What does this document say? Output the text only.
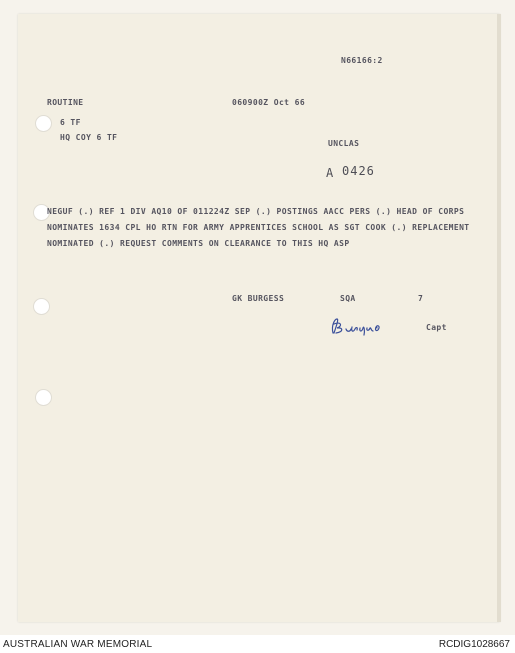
N66166:2
ROUTINE	060900Z Oct 66
6 TF
HQ COY 6 TF
UNCLAS
A 0426
NEGUF (.) REF 1 DIV AQ10 OF 011224Z SEP (.) POSTINGS AACC PERS (.) HEAD OF CORPS
NOMINATES 1634 CPL HO RTN FOR ARMY APPRENTICES SCHOOL AS SGT COOK (.) REPLACEMENT
NOMINATED (.) REQUEST COMMENTS ON CLEARANCE TO THIS HQ ASP
GK BURGESS	SQA	7
Capt
AUSTRALIAN WAR MEMORIAL	RCDIG1028667
